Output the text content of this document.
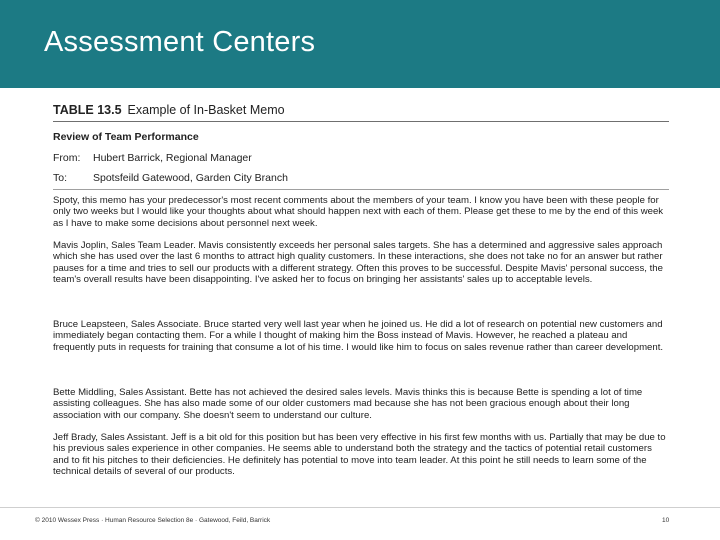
Assessment Centers
TABLE 13.5 Example of In-Basket Memo
Review of Team Performance
From: Hubert Barrick, Regional Manager
To: Spotsfeild Gatewood, Garden City Branch

Spoty, this memo has your predecessor's most recent comments about the members of your team. I know you have been with these people for only two weeks but I would like your thoughts about what should happen next with each of them. Please get these to me by the end of this week as I have to make some decisions about personnel next week.

Mavis Joplin, Sales Team Leader. Mavis consistently exceeds her personal sales targets. She has a determined and aggressive sales approach which she has used over the last 6 months to attract high quality customers. In these interactions, she does not take no for an answer but rather pauses for a time and tries to sell our products with a different strategy. Often this proves to be successful. Despite Mavis' personal success, the team's overall results have been disappointing. I've asked her to focus on bringing her assistants' sales up to acceptable levels.

Bruce Leapsteen, Sales Associate. Bruce started very well last year when he joined us. He did a lot of research on potential new customers and immediately began contacting them. For a while I thought of making him the Boss instead of Mavis. However, he reached a plateau and frequently puts in requests for training that consume a lot of his time. I would like him to focus on sales revenue rather than career development.

Bette Middling, Sales Assistant. Bette has not achieved the desired sales levels. Mavis thinks this is because Bette is spending a lot of time assisting colleagues. She has also made some of our older customers mad because she has not been gracious enough about their long association with our company. She doesn't seem to understand our culture.

Jeff Brady, Sales Assistant. Jeff is a bit old for this position but has been very effective in his first few months with us. Partially that may be due to his previous sales experience in other companies. He seems able to understand both the strategy and the tactics of potential retail customers and to fit his pitches to their deficiencies. He definitely has potential to move into team leader. At this point he still needs to learn some of the technical details of several of our products.

© 2010 Wessex Press · Human Resource Selection 8e · Gatewood, Feild, Barrick	10
